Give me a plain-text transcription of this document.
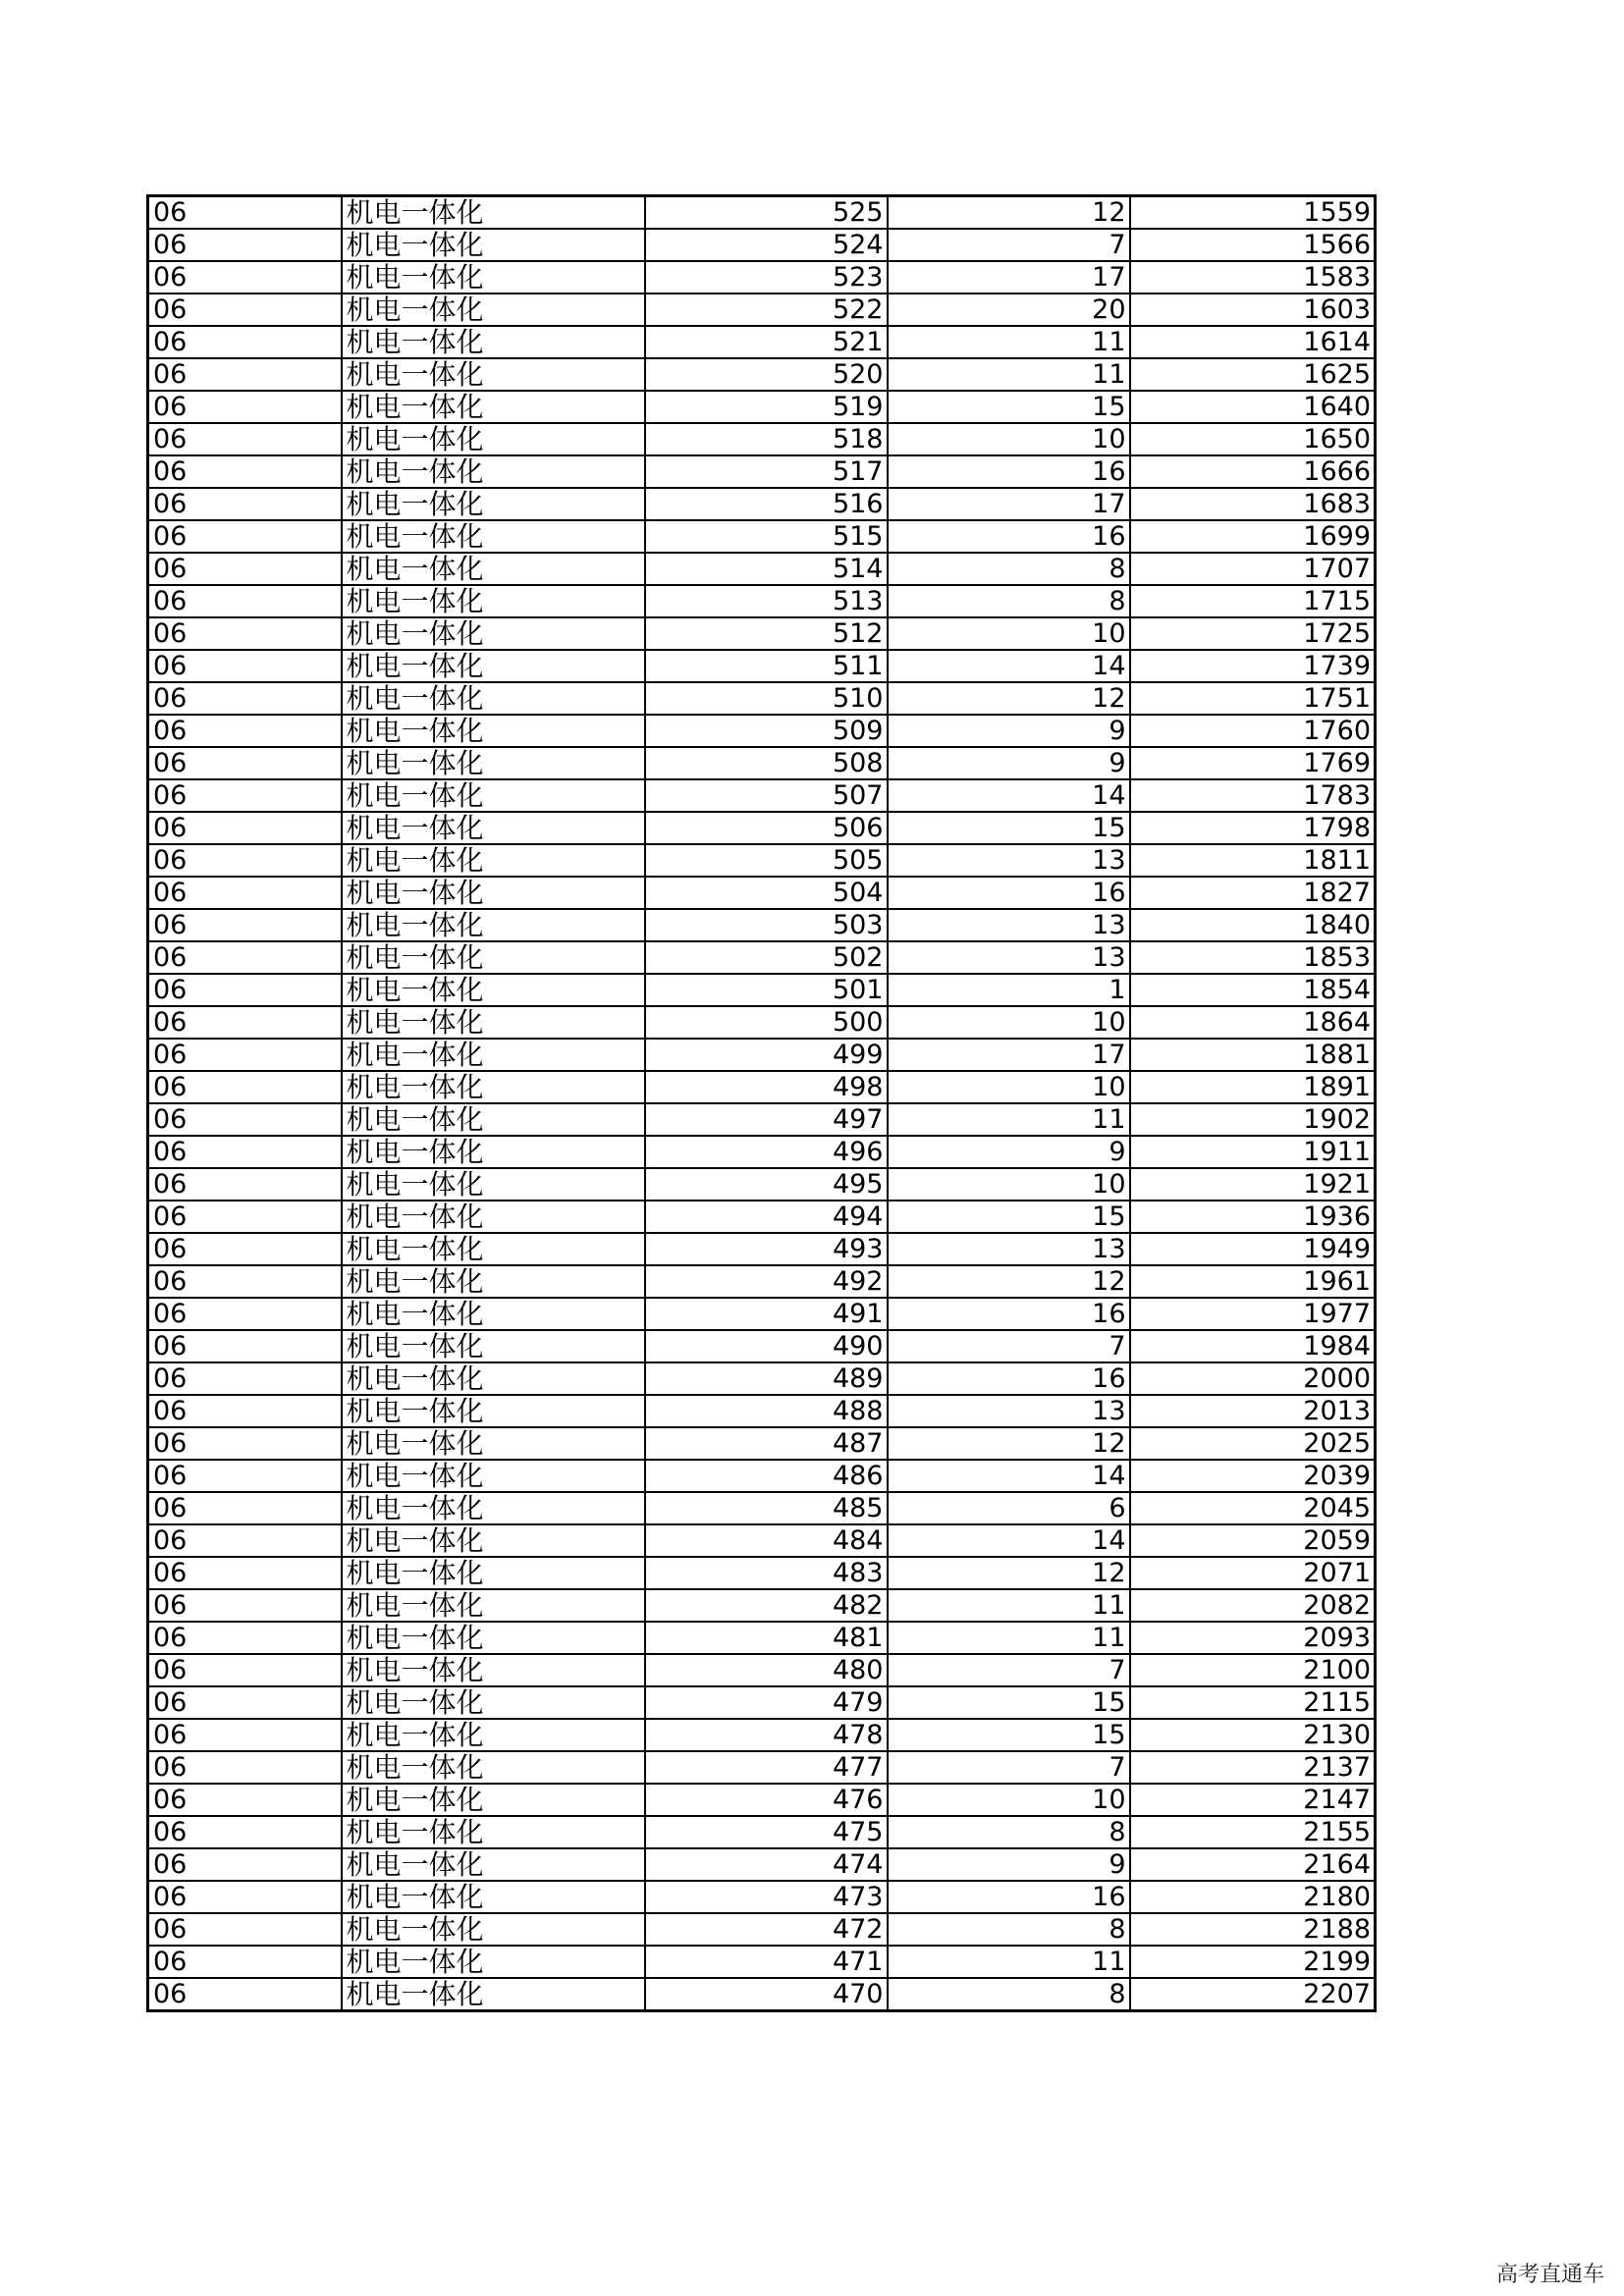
06	机电一体化	525	12	1559
06	机电一体化	524	7	1566
06	机电一体化	523	17	1583
06	机电一体化	522	20	1603
06	机电一体化	521	11	1614
06	机电一体化	520	11	1625
06	机电一体化	519	15	1640
06	机电一体化	518	10	1650
06	机电一体化	517	16	1666
06	机电一体化	516	17	1683
06	机电一体化	515	16	1699
06	机电一体化	514	8	1707
06	机电一体化	513	8	1715
06	机电一体化	512	10	1725
06	机电一体化	511	14	1739
06	机电一体化	510	12	1751
06	机电一体化	509	9	1760
06	机电一体化	508	9	1769
06	机电一体化	507	14	1783
06	机电一体化	506	15	1798
06	机电一体化	505	13	1811
06	机电一体化	504	16	1827
06	机电一体化	503	13	1840
06	机电一体化	502	13	1853
06	机电一体化	501	1	1854
06	机电一体化	500	10	1864
06	机电一体化	499	17	1881
06	机电一体化	498	10	1891
06	机电一体化	497	11	1902
06	机电一体化	496	9	1911
06	机电一体化	495	10	1921
06	机电一体化	494	15	1936
06	机电一体化	493	13	1949
06	机电一体化	492	12	1961
06	机电一体化	491	16	1977
06	机电一体化	490	7	1984
06	机电一体化	489	16	2000
06	机电一体化	488	13	2013
06	机电一体化	487	12	2025
06	机电一体化	486	14	2039
06	机电一体化	485	6	2045
06	机电一体化	484	14	2059
06	机电一体化	483	12	2071
06	机电一体化	482	11	2082
06	机电一体化	481	11	2093
06	机电一体化	480	7	2100
06	机电一体化	479	15	2115
06	机电一体化	478	15	2130
06	机电一体化	477	7	2137
06	机电一体化	476	10	2147
06	机电一体化	475	8	2155
06	机电一体化	474	9	2164
06	机电一体化	473	16	2180
06	机电一体化	472	8	2188
06	机电一体化	471	11	2199
06	机电一体化	470	8	2207
高考直通车
